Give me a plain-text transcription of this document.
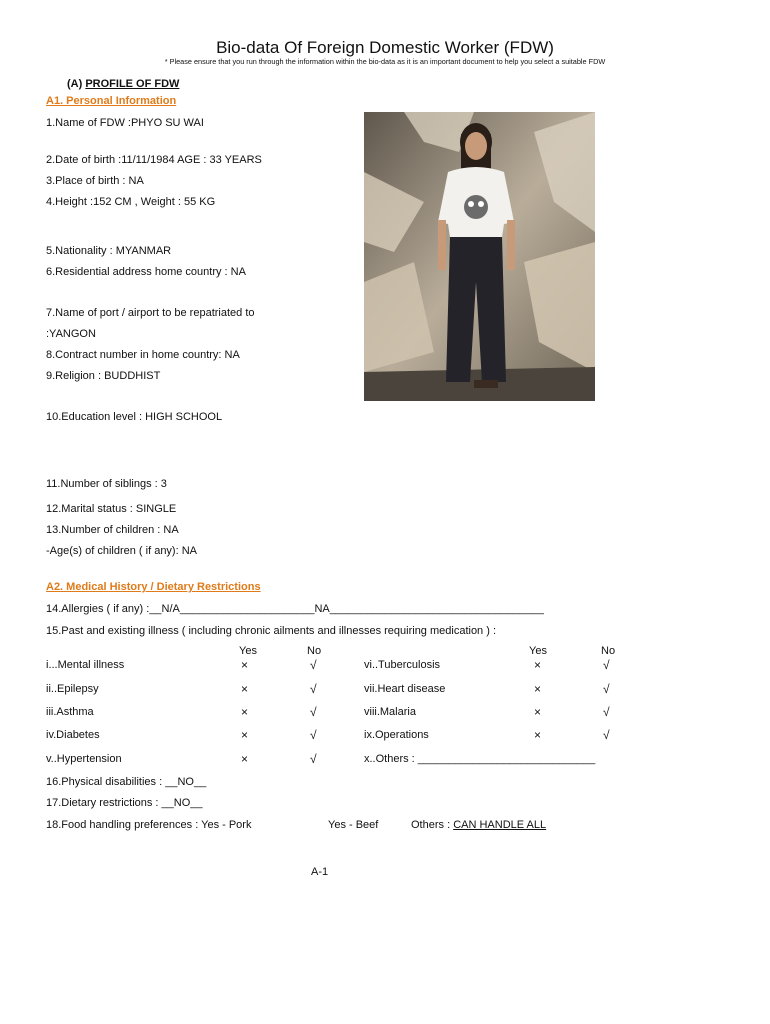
Bio-data Of Foreign Domestic Worker (FDW)
* Please ensure that you run through the information within the bio-data as it is an important document to help you select a suitable FDW
(A) PROFILE OF FDW
A1. Personal Information
1.Name of FDW :PHYO SU WAI
2.Date of birth :11/11/1984 AGE : 33 YEARS
3.Place of birth : NA
4.Height :152 CM , Weight : 55 KG
5.Nationality : MYANMAR
6.Residential address home country : NA
7.Name of port / airport to be repatriated to
:YANGON
8.Contract number in home country: NA
9.Religion : BUDDHIST
10.Education level : HIGH SCHOOL
11.Number of siblings : 3
12.Marital status : SINGLE
13.Number of children : NA
-Age(s) of children ( if any): NA
A2. Medical History / Dietary Restrictions
14.Allergies ( if any) :__N/A______________________NA___________________________________
15.Past and existing illness ( including chronic ailments and illnesses requiring medication ) :
Yes	No	Yes	No
i...Mental illness	×	√
ii..Epilepsy	×	√
iii.Asthma	×	√
iv.Diabetes	×	√
v..Hypertension	×	√
vi..Tuberculosis	×	√
vii.Heart disease	×	√
viii.Malaria	×	√
ix.Operations	×	√
x..Others : _____________________________
16.Physical disabilities : __NO__
17.Dietary restrictions : __NO__
18.Food handling preferences : Yes - Pork	Yes - Beef	Others : CAN HANDLE ALL
A-1
